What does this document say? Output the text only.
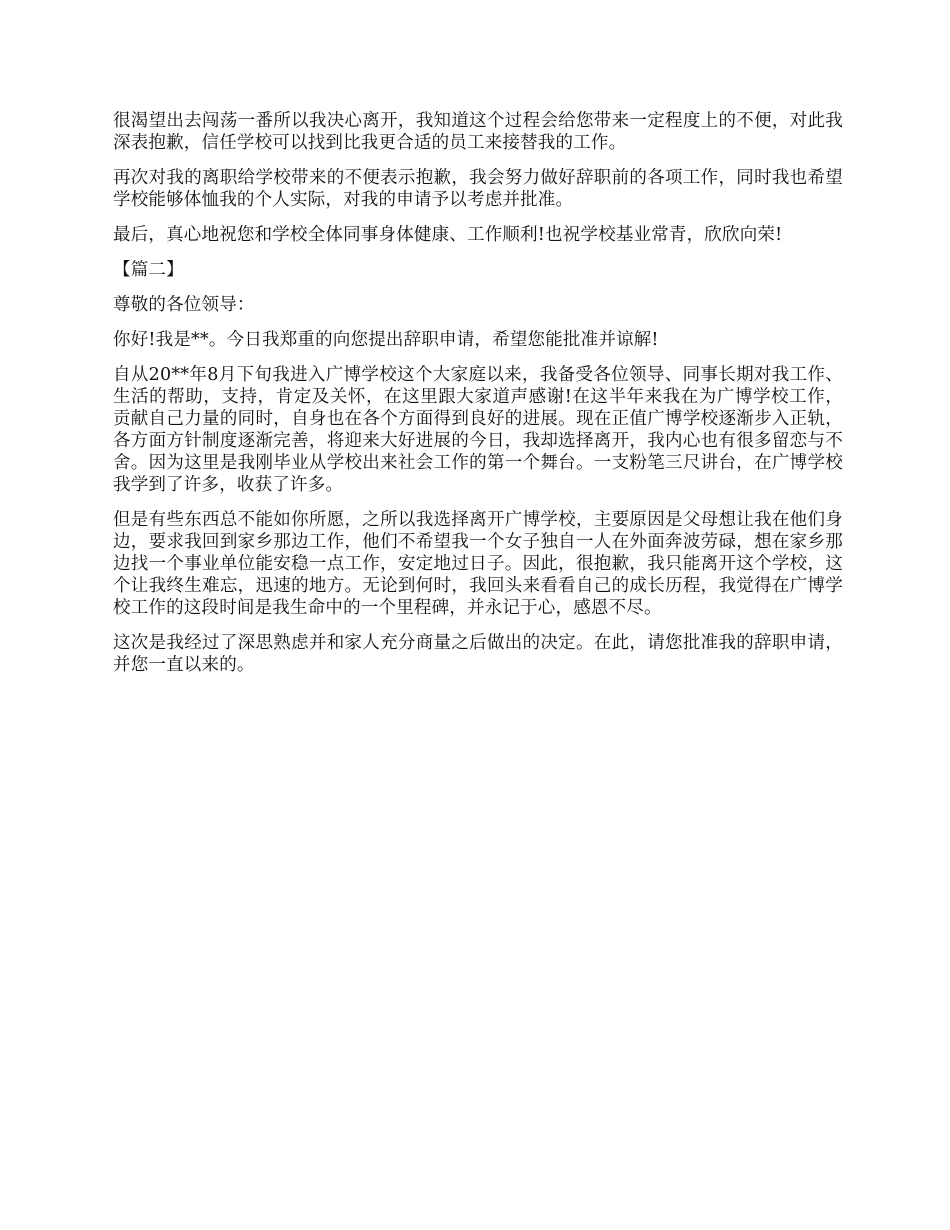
很渴望出去闯荡一番所以我决心离开，我知道这个过程会给您带来一定程度上的不便，对此我深表抱歉，信任学校可以找到比我更合适的员工来接替我的工作。

再次对我的离职给学校带来的不便表示抱歉，我会努力做好辞职前的各项工作，同时我也希望学校能够体恤我的个人实际，对我的申请予以考虑并批准。

最后，真心地祝您和学校全体同事身体健康、工作顺利!也祝学校基业常青，欣欣向荣!

【篇二】

尊敬的各位领导：

你好!我是**。今日我郑重的向您提出辞职申请，希望您能批准并谅解!

自从20**年8月下旬我进入广博学校这个大家庭以来，我备受各位领导、同事长期对我工作、生活的帮助，支持，肯定及关怀，在这里跟大家道声感谢!在这半年来我在为广博学校工作，贡献自己力量的同时，自身也在各个方面得到良好的进展。现在正值广博学校逐渐步入正轨，各方面方针制度逐渐完善，将迎来大好进展的今日，我却选择离开，我内心也有很多留恋与不舍。因为这里是我刚毕业从学校出来社会工作的第一个舞台。一支粉笔三尺讲台，在广博学校我学到了许多，收获了许多。

但是有些东西总不能如你所愿，之所以我选择离开广博学校，主要原因是父母想让我在他们身边，要求我回到家乡那边工作，他们不希望我一个女子独自一人在外面奔波劳碌，想在家乡那边找一个事业单位能安稳一点工作，安定地过日子。因此，很抱歉，我只能离开这个学校，这个让我终生难忘，迅速的地方。无论到何时，我回头来看看自己的成长历程，我觉得在广博学校工作的这段时间是我生命中的一个里程碑，并永记于心，感恩不尽。

这次是我经过了深思熟虑并和家人充分商量之后做出的决定。在此，请您批准我的辞职申请，并您一直以来的。
